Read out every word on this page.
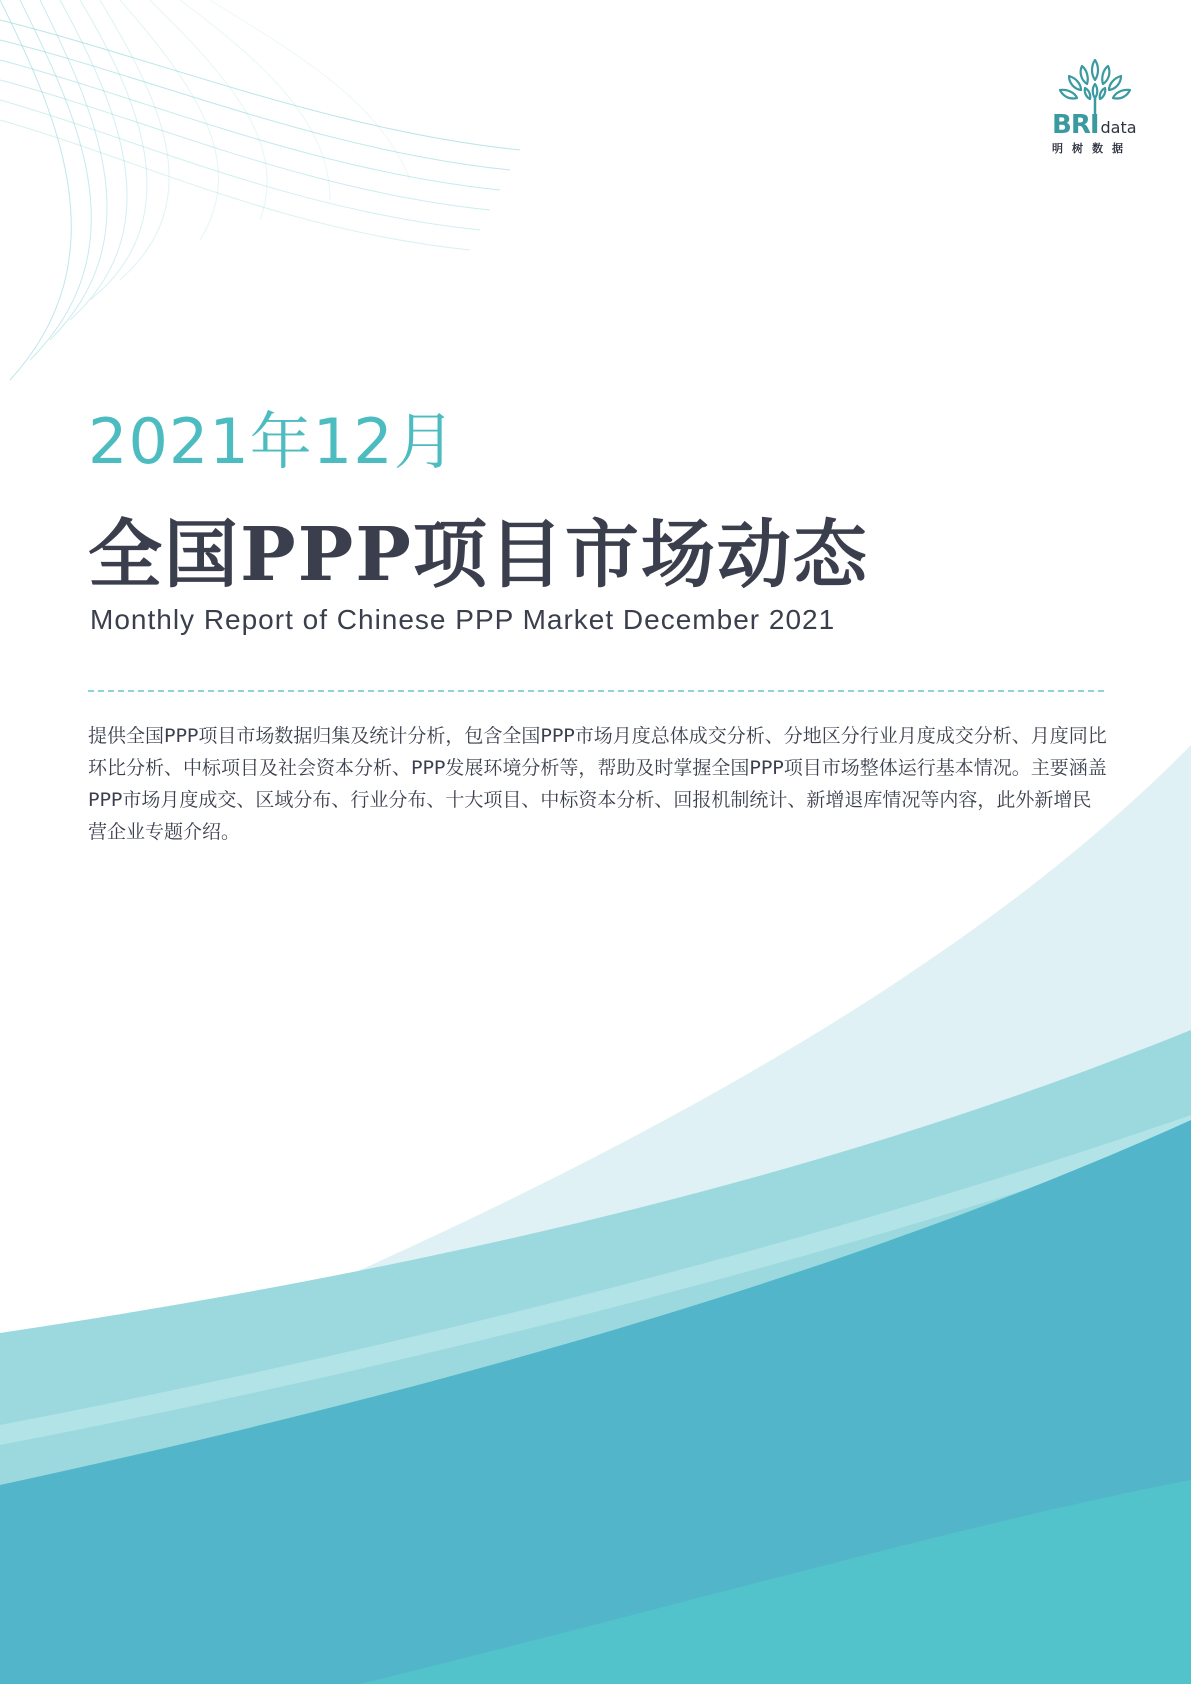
BRI data
明树数据
2021年12月
全国PPP项目市场动态

Monthly Report of Chinese PPP Market December 2021

提供全国PPP项目市场数据归集及统计分析，包含全国PPP市场月度总体成交分析、分地区分行业月度成交分析、月度同比环比分析、中标项目及社会资本分析、PPP发展环境分析等，帮助及时掌握全国PPP项目市场整体运行基本情况。主要涵盖PPP市场月度成交、区域分布、行业分布、十大项目、中标资本分析、回报机制统计、新增退库情况等内容，此外新增民营企业专题介绍。
